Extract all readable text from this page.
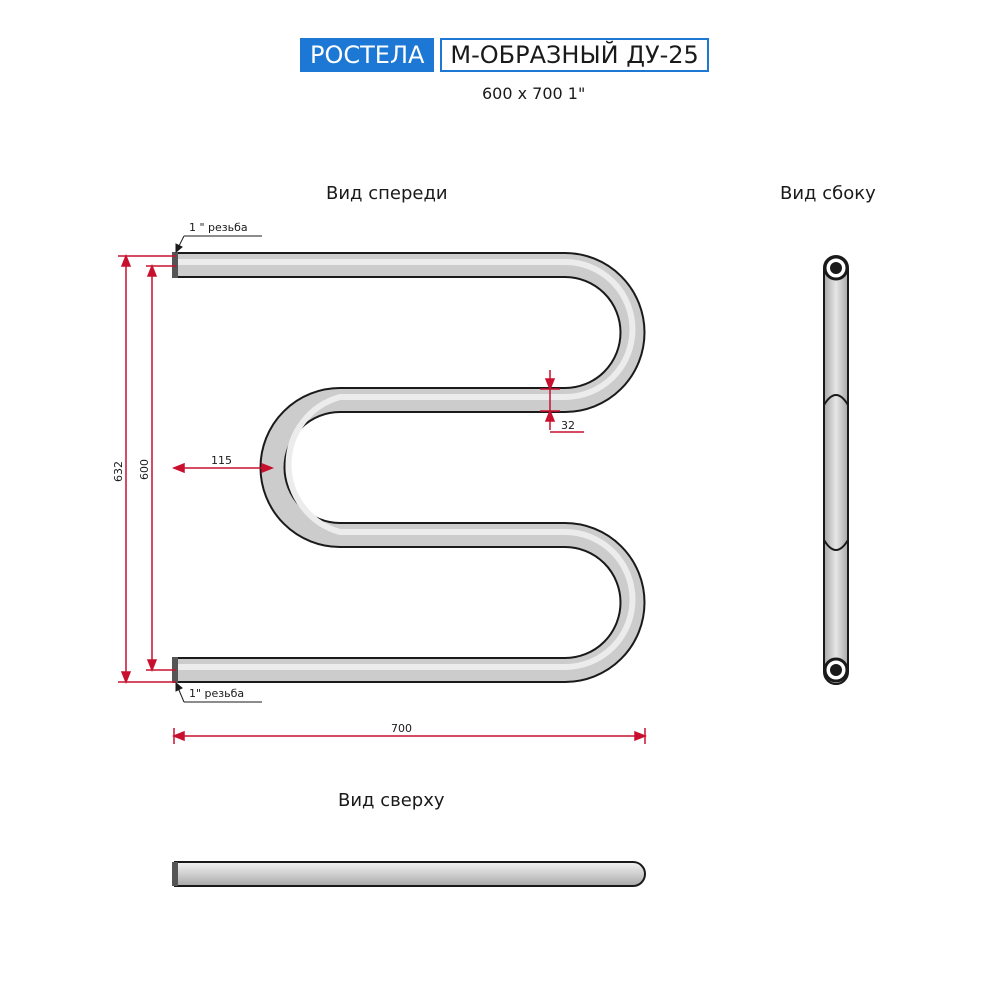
РОСТЕЛА	М-ОБРАЗНЫЙ ДУ-25
600 х 700 1"
Вид спереди	Вид сбоку
Вид сверху
1 " резьба
1" резьба
632 600	115
32
700
